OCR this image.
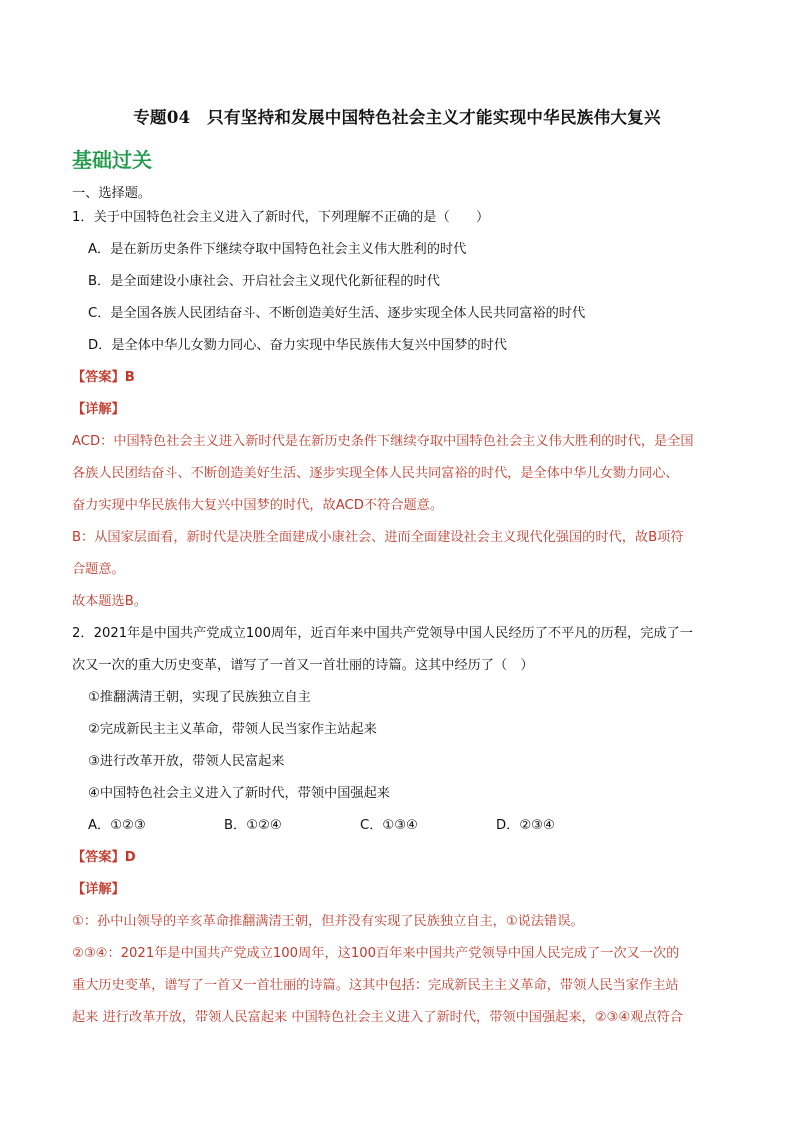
专题04　只有坚持和发展中国特色社会主义才能实现中华民族伟大复兴
基础过关
一、选择题。
1．关于中国特色社会主义进入了新时代，下列理解不正确的是（　　）
A．是在新历史条件下继续夺取中国特色社会主义伟大胜利的时代
B．是全面建设小康社会、开启社会主义现代化新征程的时代
C．是全国各族人民团结奋斗、不断创造美好生活、逐步实现全体人民共同富裕的时代
D．是全体中华儿女勠力同心、奋力实现中华民族伟大复兴中国梦的时代
【答案】B
【详解】
ACD：中国特色社会主义进入新时代是在新历史条件下继续夺取中国特色社会主义伟大胜利的时代，是全国
各族人民团结奋斗、不断创造美好生活、逐步实现全体人民共同富裕的时代，是全体中华儿女勠力同心、
奋力实现中华民族伟大复兴中国梦的时代，故ACD不符合题意。
B：从国家层面看，新时代是决胜全面建成小康社会、进而全面建设社会主义现代化强国的时代，故B项符
合题意。
故本题选B。
2．2021年是中国共产党成立100周年，近百年来中国共产党领导中国人民经历了不平凡的历程，完成了一
次又一次的重大历史变革，谱写了一首又一首壮丽的诗篇。这其中经历了（　）
①推翻满清王朝，实现了民族独立自主
②完成新民主主义革命，带领人民当家作主站起来
③进行改革开放，带领人民富起来
④中国特色社会主义进入了新时代，带领中国强起来
A．①②③	B．①②④	C．①③④	D．②③④
【答案】D
【详解】
①：孙中山领导的辛亥革命推翻满清王朝，但并没有实现了民族独立自主，①说法错误。
②③④：2021年是中国共产党成立100周年，这100百年来中国共产党领导中国人民完成了一次又一次的
重大历史变革，谱写了一首又一首壮丽的诗篇。这其中包括：完成新民主主义革命，带领人民当家作主站
起来 进行改革开放，带领人民富起来 中国特色社会主义进入了新时代，带领中国强起来，②③④观点符合
